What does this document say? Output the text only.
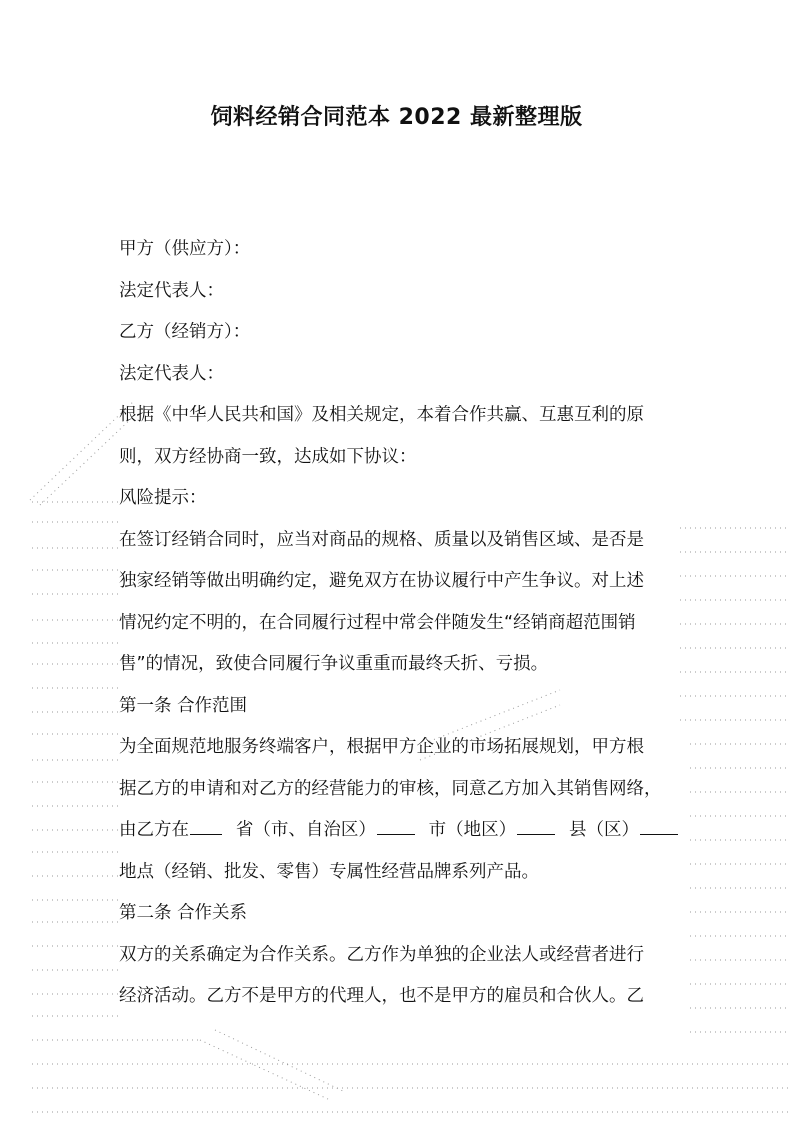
饲料经销合同范本 2022 最新整理版
甲方（供应方）：
法定代表人：
乙方（经销方）：
法定代表人：
根据《中华人民共和国》及相关规定，本着合作共赢、互惠互利的原
则，双方经协商一致，达成如下协议：
风险提示：
在签订经销合同时，应当对商品的规格、质量以及销售区域、是否是
独家经销等做出明确约定，避免双方在协议履行中产生争议。对上述
情况约定不明的，在合同履行过程中常会伴随发生“经销商超范围销
售”的情况，致使合同履行争议重重而最终夭折、亏损。
第一条 合作范围
为全面规范地服务终端客户，根据甲方企业的市场拓展规划，甲方根
据乙方的申请和对乙方的经营能力的审核，同意乙方加入其销售网络，
由乙方在	省（市、自治区）	市（地区）	县（区）
地点（经销、批发、零售）专属性经营品牌系列产品。
第二条 合作关系
双方的关系确定为合作关系。乙方作为单独的企业法人或经营者进行
经济活动。乙方不是甲方的代理人，也不是甲方的雇员和合伙人。乙
